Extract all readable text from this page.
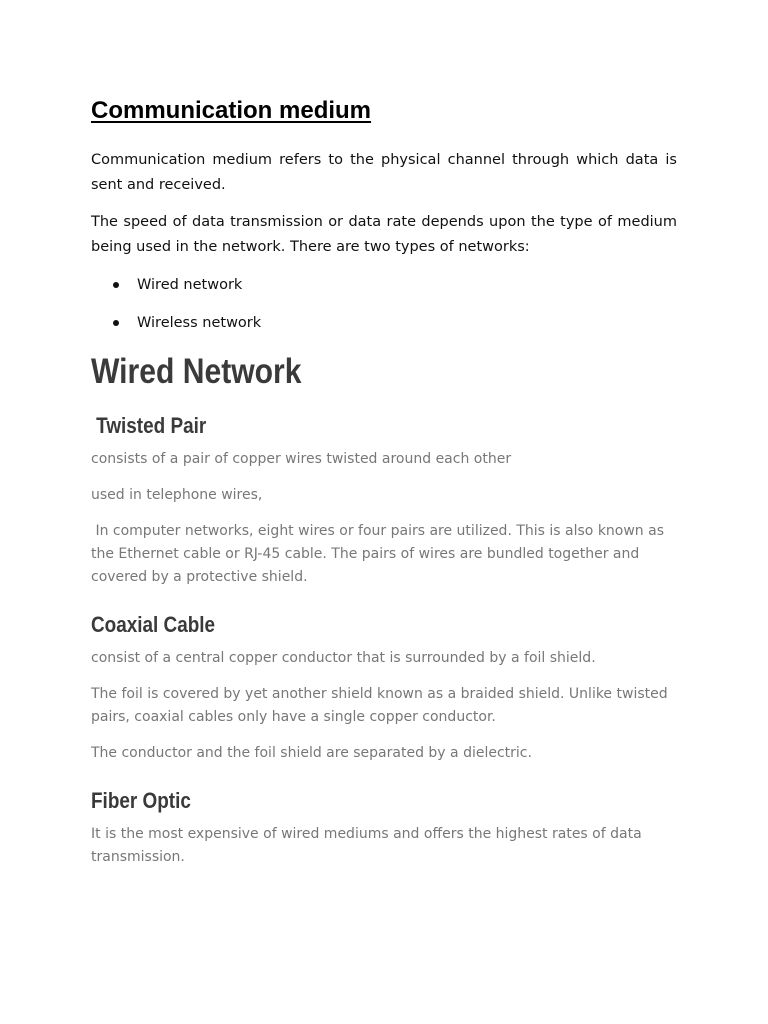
Communication medium

Communication medium refers to the physical channel through which data is sent and received.

The speed of data transmission or data rate depends upon the type of medium being used in the network. There are two types of networks:

Wired network
Wireless network
Wired Network
Twisted Pair

consists of a pair of copper wires twisted around each other

used in telephone wires,

In computer networks, eight wires or four pairs are utilized. This is also known as the Ethernet cable or RJ-45 cable. The pairs of wires are bundled together and covered by a protective shield.

Coaxial Cable

consist of a central copper conductor that is surrounded by a foil shield.

The foil is covered by yet another shield known as a braided shield. Unlike twisted pairs, coaxial cables only have a single copper conductor.

The conductor and the foil shield are separated by a dielectric.

Fiber Optic

It is the most expensive of wired mediums and offers the highest rates of data transmission.
